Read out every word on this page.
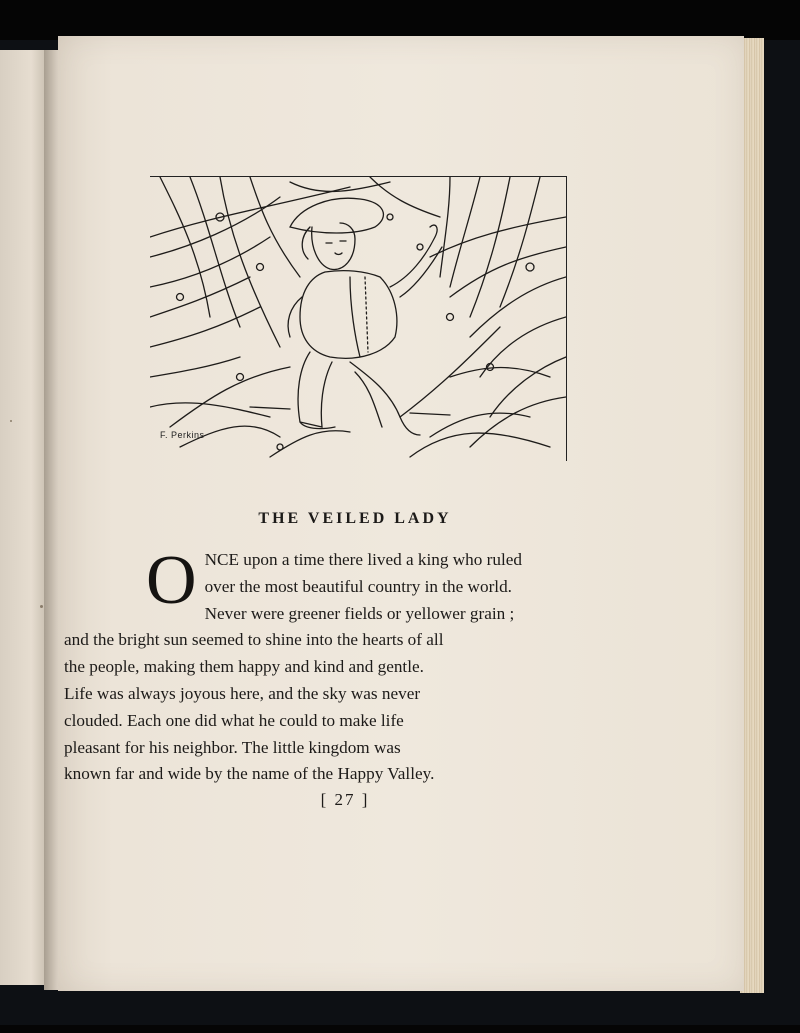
F. Perkins
THE VEILED LADY
O NCE upon a time there lived a king who ruled
over the most beautiful country in the world.
Never were greener fields or yellower grain ;
and the bright sun seemed to shine into the hearts of all
the people, making them happy and kind and gentle.
Life was always joyous here, and the sky was never
clouded. Each one did what he could to make life
pleasant for his neighbor. The little kingdom was
known far and wide by the name of the Happy Valley.
[ 27 ]
